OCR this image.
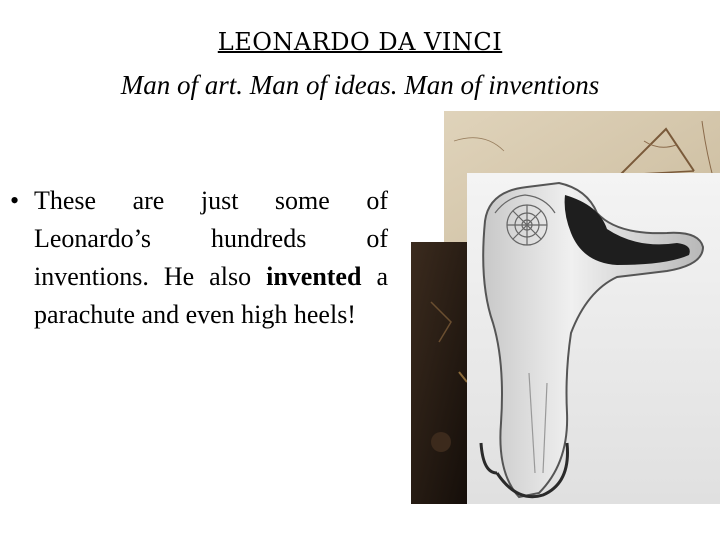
LEONARDO DA VINCI
Man of art. Man of ideas. Man of inventions
• These are just some of Leonardo’s hundreds of inventions. He also invented a parachute and even high heels!
